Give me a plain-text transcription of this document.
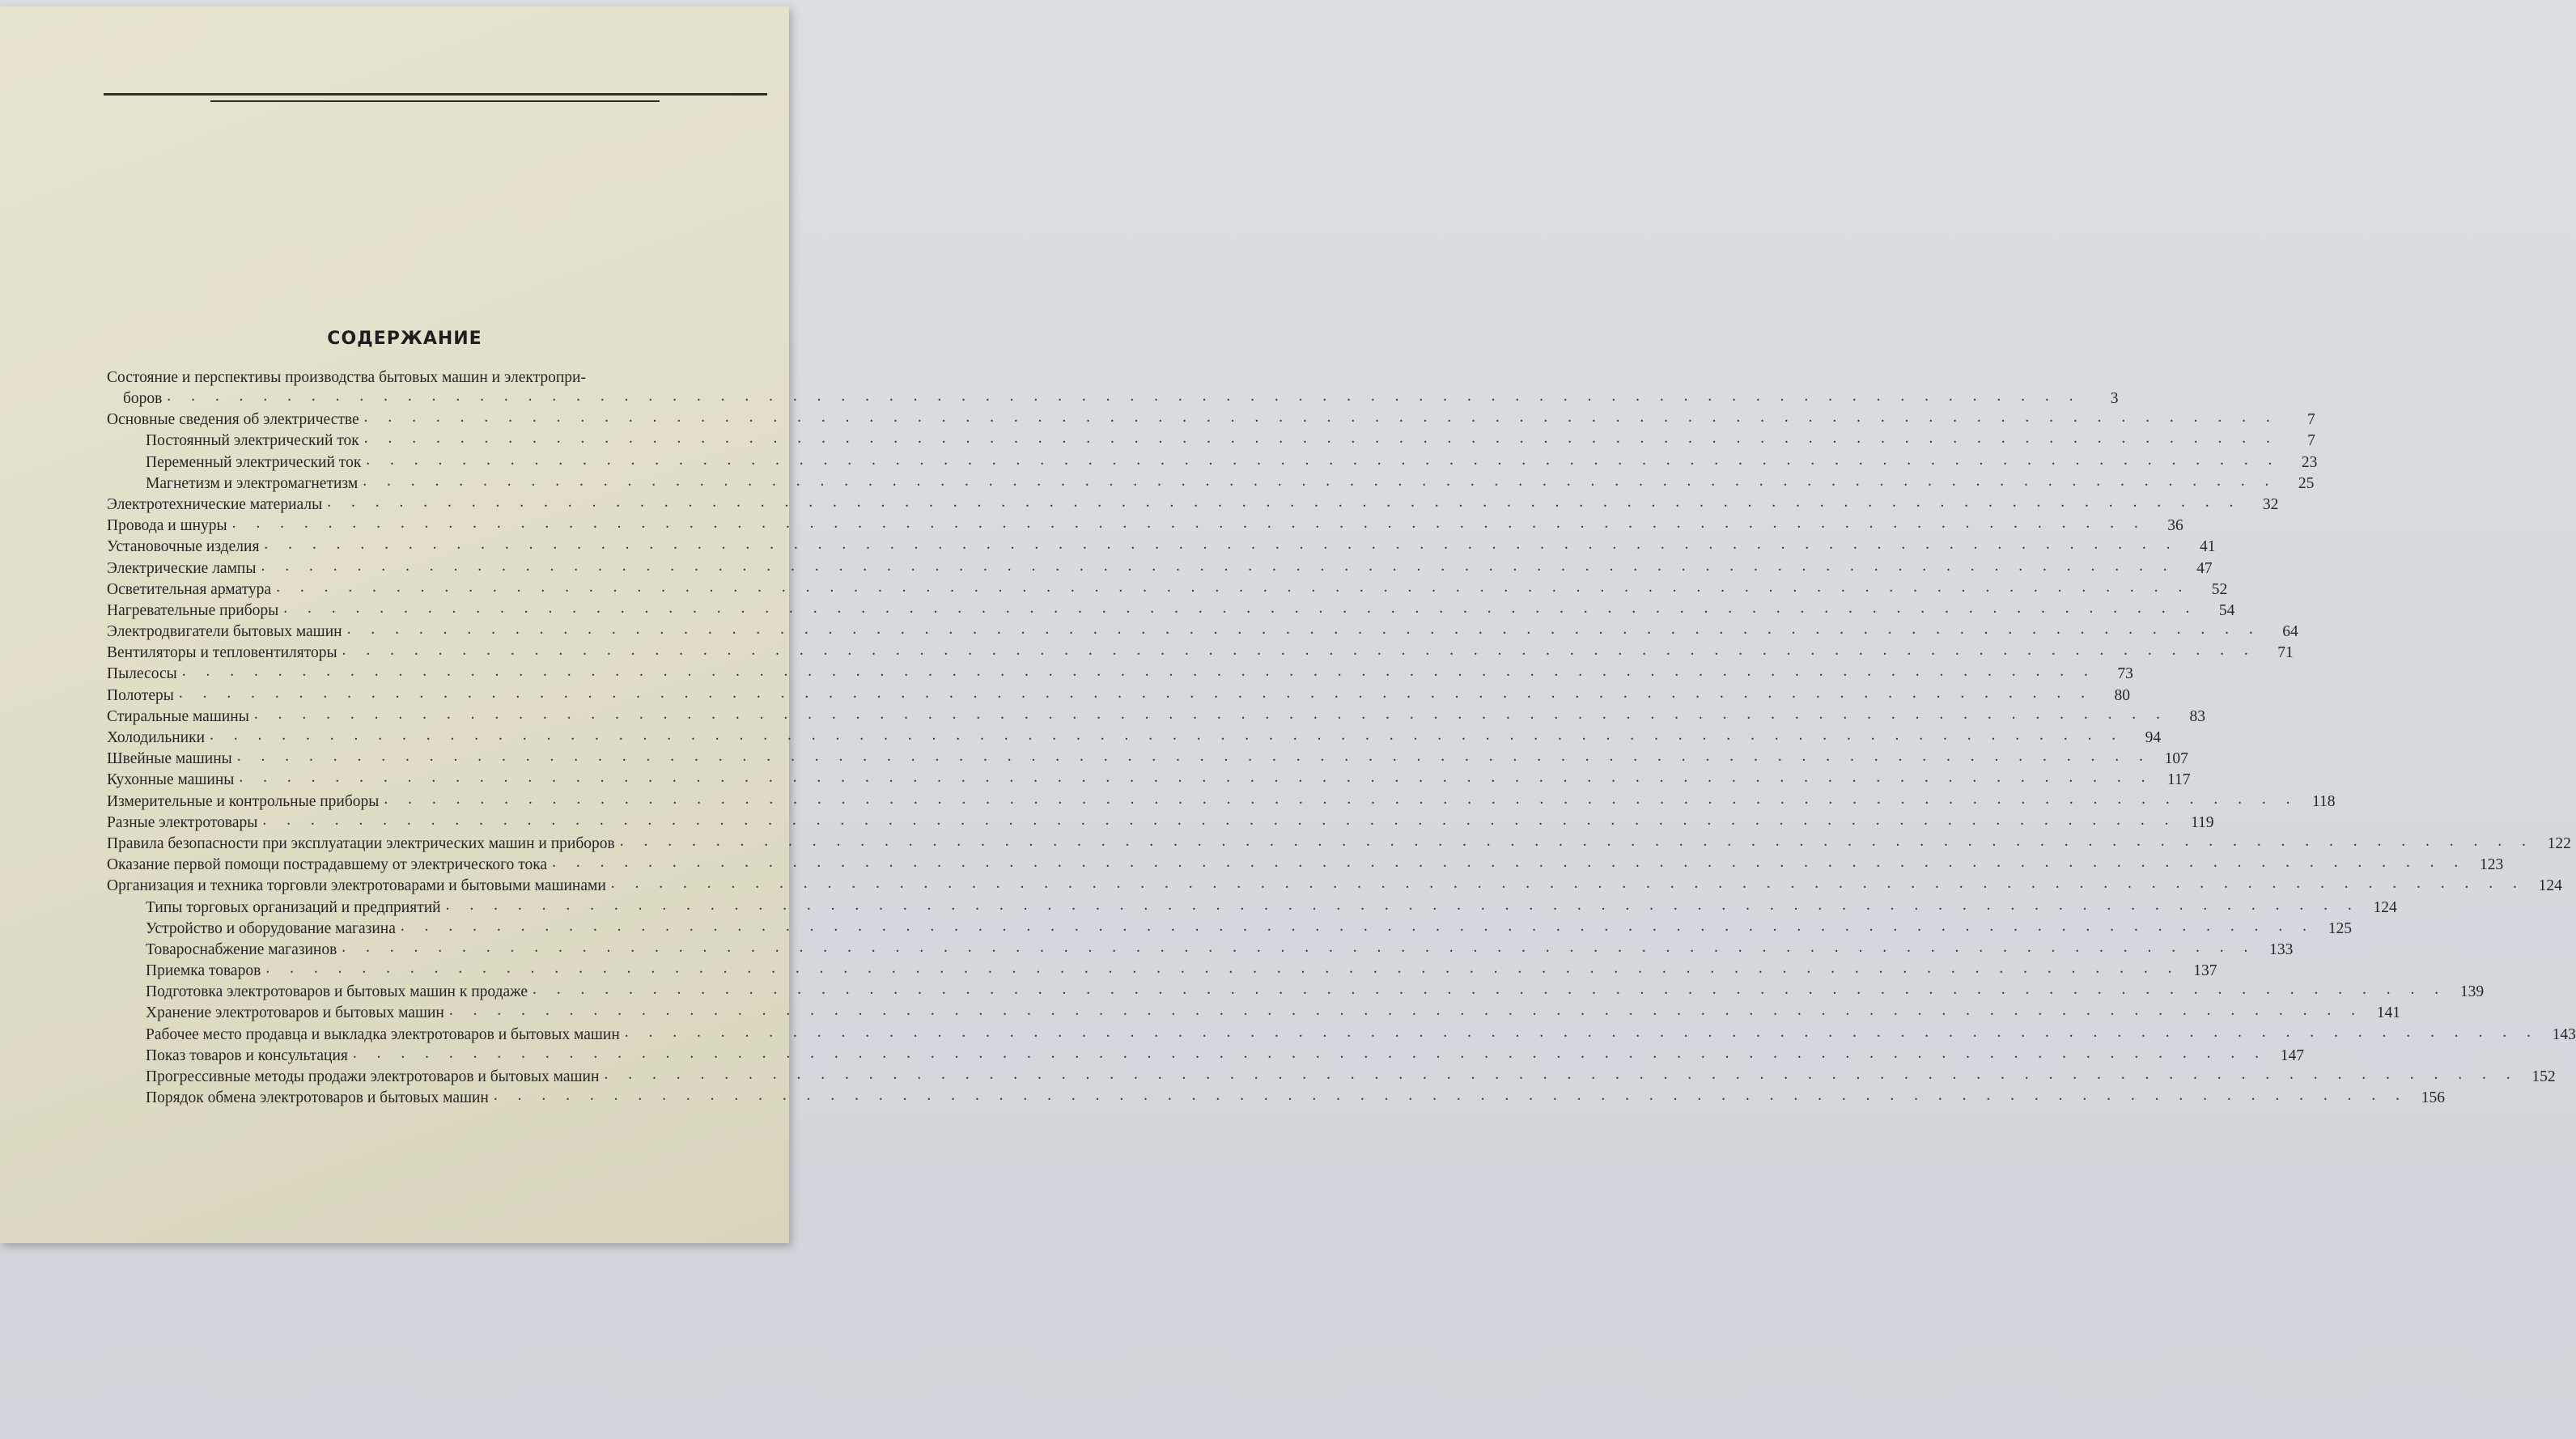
СОДЕРЖАНИЕ
Состояние и перспективы производства бытовых машин и электропри-
боров . . . . . . . . . . . . . . . . . . . . . . . . . . . . . . . . . . . . . . . . . . . . . . . . . . . . . . . . . . . . . . . . . . . . . . . . . . . . . . . .	3
Основные сведения об электричестве . . . . . . . . . . . . . . . . . . . . . . . . . . . . . . . . . . . . . . . . . . . . . . . . . . . . . . . . . . . . . . . . . . . . . . . . . . . . . . . .	7
Постоянный электрический ток . . . . . . . . . . . . . . . . . . . . . . . . . . . . . . . . . . . . . . . . . . . . . . . . . . . . . . . . . . . . . . . . . . . . . . . . . . . . . . . .	7
Переменный электрический ток . . . . . . . . . . . . . . . . . . . . . . . . . . . . . . . . . . . . . . . . . . . . . . . . . . . . . . . . . . . . . . . . . . . . . . . . . . . . . . . .	23
Магнетизм и электромагнетизм . . . . . . . . . . . . . . . . . . . . . . . . . . . . . . . . . . . . . . . . . . . . . . . . . . . . . . . . . . . . . . . . . . . . . . . . . . . . . . . .	25
Электротехнические материалы . . . . . . . . . . . . . . . . . . . . . . . . . . . . . . . . . . . . . . . . . . . . . . . . . . . . . . . . . . . . . . . . . . . . . . . . . . . . . . . .	32
Провода и шнуры . . . . . . . . . . . . . . . . . . . . . . . . . . . . . . . . . . . . . . . . . . . . . . . . . . . . . . . . . . . . . . . . . . . . . . . . . . . . . . . .	36
Установочные изделия . . . . . . . . . . . . . . . . . . . . . . . . . . . . . . . . . . . . . . . . . . . . . . . . . . . . . . . . . . . . . . . . . . . . . . . . . . . . . . . .	41
Электрические лампы . . . . . . . . . . . . . . . . . . . . . . . . . . . . . . . . . . . . . . . . . . . . . . . . . . . . . . . . . . . . . . . . . . . . . . . . . . . . . . . .	47
Осветительная арматура . . . . . . . . . . . . . . . . . . . . . . . . . . . . . . . . . . . . . . . . . . . . . . . . . . . . . . . . . . . . . . . . . . . . . . . . . . . . . . . .	52
Нагревательные приборы . . . . . . . . . . . . . . . . . . . . . . . . . . . . . . . . . . . . . . . . . . . . . . . . . . . . . . . . . . . . . . . . . . . . . . . . . . . . . . . .	54
Электродвигатели бытовых машин . . . . . . . . . . . . . . . . . . . . . . . . . . . . . . . . . . . . . . . . . . . . . . . . . . . . . . . . . . . . . . . . . . . . . . . . . . . . . . . .	64
Вентиляторы и тепловентиляторы . . . . . . . . . . . . . . . . . . . . . . . . . . . . . . . . . . . . . . . . . . . . . . . . . . . . . . . . . . . . . . . . . . . . . . . . . . . . . . . .	71
Пылесосы . . . . . . . . . . . . . . . . . . . . . . . . . . . . . . . . . . . . . . . . . . . . . . . . . . . . . . . . . . . . . . . . . . . . . . . . . . . . . . . .	73
Полотеры . . . . . . . . . . . . . . . . . . . . . . . . . . . . . . . . . . . . . . . . . . . . . . . . . . . . . . . . . . . . . . . . . . . . . . . . . . . . . . . .	80
Стиральные машины . . . . . . . . . . . . . . . . . . . . . . . . . . . . . . . . . . . . . . . . . . . . . . . . . . . . . . . . . . . . . . . . . . . . . . . . . . . . . . . .	83
Холодильники . . . . . . . . . . . . . . . . . . . . . . . . . . . . . . . . . . . . . . . . . . . . . . . . . . . . . . . . . . . . . . . . . . . . . . . . . . . . . . . .	94
Швейные машины . . . . . . . . . . . . . . . . . . . . . . . . . . . . . . . . . . . . . . . . . . . . . . . . . . . . . . . . . . . . . . . . . . . . . . . . . . . . . . . . 107
Кухонные машины . . . . . . . . . . . . . . . . . . . . . . . . . . . . . . . . . . . . . . . . . . . . . . . . . . . . . . . . . . . . . . . . . . . . . . . . . . . . . . . . 117
Измерительные и контрольные приборы . . . . . . . . . . . . . . . . . . . . . . . . . . . . . . . . . . . . . . . . . . . . . . . . . . . . . . . . . . . . . . . . . . . . . . . . . . . . . . . . 118
Разные электротовары . . . . . . . . . . . . . . . . . . . . . . . . . . . . . . . . . . . . . . . . . . . . . . . . . . . . . . . . . . . . . . . . . . . . . . . . . . . . . . . . 119
Правила безопасности при эксплуатации электрических машин и приборов . . . . . . . . . . . . . . . . . . . . . . . . . . . . . . . . . . . . . . . . . . . . . . . . . . . . . . . . . . . . . . . . . . . . . . . . . . . . . . . . 122
Оказание первой помощи пострадавшему от электрического тока . . . . . . . . . . . . . . . . . . . . . . . . . . . . . . . . . . . . . . . . . . . . . . . . . . . . . . . . . . . . . . . . . . . . . . . . . . . . . . . . 123
Организация и техника торговли электротоварами и бытовыми машинами . . . . . . . . . . . . . . . . . . . . . . . . . . . . . . . . . . . . . . . . . . . . . . . . . . . . . . . . . . . . . . . . . . . . . . . . . . . . . . . . 124
Типы торговых организаций и предприятий . . . . . . . . . . . . . . . . . . . . . . . . . . . . . . . . . . . . . . . . . . . . . . . . . . . . . . . . . . . . . . . . . . . . . . . . . . . . . . . . 124
Устройство и оборудование магазина . . . . . . . . . . . . . . . . . . . . . . . . . . . . . . . . . . . . . . . . . . . . . . . . . . . . . . . . . . . . . . . . . . . . . . . . . . . . . . . . 125
Товароснабжение магазинов . . . . . . . . . . . . . . . . . . . . . . . . . . . . . . . . . . . . . . . . . . . . . . . . . . . . . . . . . . . . . . . . . . . . . . . . . . . . . . . . 133
Приемка товаров . . . . . . . . . . . . . . . . . . . . . . . . . . . . . . . . . . . . . . . . . . . . . . . . . . . . . . . . . . . . . . . . . . . . . . . . . . . . . . . . 137
Подготовка электротоваров и бытовых машин к продаже . . . . . . . . . . . . . . . . . . . . . . . . . . . . . . . . . . . . . . . . . . . . . . . . . . . . . . . . . . . . . . . . . . . . . . . . . . . . . . . . 139
Хранение электротоваров и бытовых машин . . . . . . . . . . . . . . . . . . . . . . . . . . . . . . . . . . . . . . . . . . . . . . . . . . . . . . . . . . . . . . . . . . . . . . . . . . . . . . . . 141
Рабочее место продавца и выкладка электротоваров и бытовых машин . . . . . . . . . . . . . . . . . . . . . . . . . . . . . . . . . . . . . . . . . . . . . . . . . . . . . . . . . . . . . . . . . . . . . . . . . . . . . . . . 143
Показ товаров и консультация . . . . . . . . . . . . . . . . . . . . . . . . . . . . . . . . . . . . . . . . . . . . . . . . . . . . . . . . . . . . . . . . . . . . . . . . . . . . . . . . 147
Прогрессивные методы продажи электротоваров и бытовых машин . . . . . . . . . . . . . . . . . . . . . . . . . . . . . . . . . . . . . . . . . . . . . . . . . . . . . . . . . . . . . . . . . . . . . . . . . . . . . . . . 152
Порядок обмена электротоваров и бытовых машин . . . . . . . . . . . . . . . . . . . . . . . . . . . . . . . . . . . . . . . . . . . . . . . . . . . . . . . . . . . . . . . . . . . . . . . . . . . . . . . . 156
